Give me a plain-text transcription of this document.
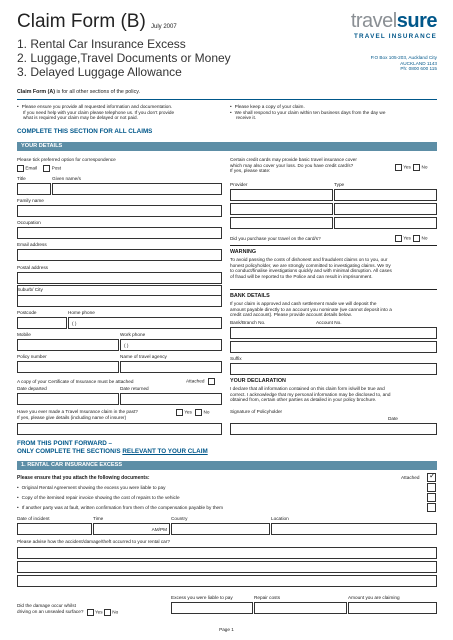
Claim Form (B) July 2007
1. Rental Car Insurance Excess
2. Luggage,Travel Documents or Money
3. Delayed Luggage Allowance
travelsure
TRAVEL INSURANCE
P.O Box 105-203, Auckland City
AUCKLAND 1143
Ph: 0800 600 115
Claim Form (A) is for all other sections of the policy.
• Please ensure you provide all requested information and documentation.
If you need help with your claim please telephone us. If you don’t provide
what is required your claim may be delayed or not paid.
• Please keep a copy of your claim.
• We shall respond to your claim within ten business days from the day we
receive it.
COMPLETE THIS SECTION FOR ALL CLAIMS
YOUR DETAILS
Please tick preferred option for correspondence
Email	Post
Title	Given name/s
Family name
Occupation
Email address
Postal address
Suburb/ City
Postcode	Home phone
( )
Mobile	Work phone
( )
Policy number	Name of travel agency
A copy of your Certificate of Insurance must be attached	Attached
Date departed	Date returned
Have you ever made a Travel Insurance claim in the past?
If yes, please give details (including name of insurer)
Yes No
Certain credit cards may provide basic travel insurance cover
which may also cover your loss. Do you have credit card/s?
If yes, please state:
Yes No
Provider	Type
Did you purchase your travel on the card/s?	Yes No
WARNING
To avoid passing the costs of dishonest and fraudulent claims on to you, our
honest policyholder, we are strongly committed to investigating claims. We try
to conduct/finalise investigations quickly and with minimal disruption. All cases
of fraud will be reported to the Police and can result in imprisonment.
BANK DETAILS
If your claim is approved and cash settlement made we will deposit the
amount payable directly to an account you nominate (we cannot deposit into a
credit card account). Please provide account details below.
Bank/Branch No.	Account No.
Suffix
YOUR DECLARATION
I declare that all information contained on this claim form is/will be true and
correct. I acknowledge that my personal information may be disclosed to, and
obtained from, certain other parties as detailed in your policy brochure.
Signature of Policyholder
Date
FROM THIS POINT FORWARD –
ONLY COMPLETE THE SECTION/S RELEVANT TO YOUR CLAIM
1. RENTAL CAR INSURANCE EXCESS
Please ensure that you attach the following documents:	Attached ✓
• Original Rental Agreement showing the excess you were liable to pay
• Copy of the itemised repair invoice showing the cost of repairs to the vehicle
• If another party was at fault, written confirmation from them of the compensation payable by them
Date of incident	Time	Country	Location
AM/PM
Please advise how the accident/damage/theft occurred to your rental car?
Excess you were liable to pay	Repair costs	Amount you are claiming
Did the damage occur whilst
driving on an unsealed surface? Yes No
Page 1
